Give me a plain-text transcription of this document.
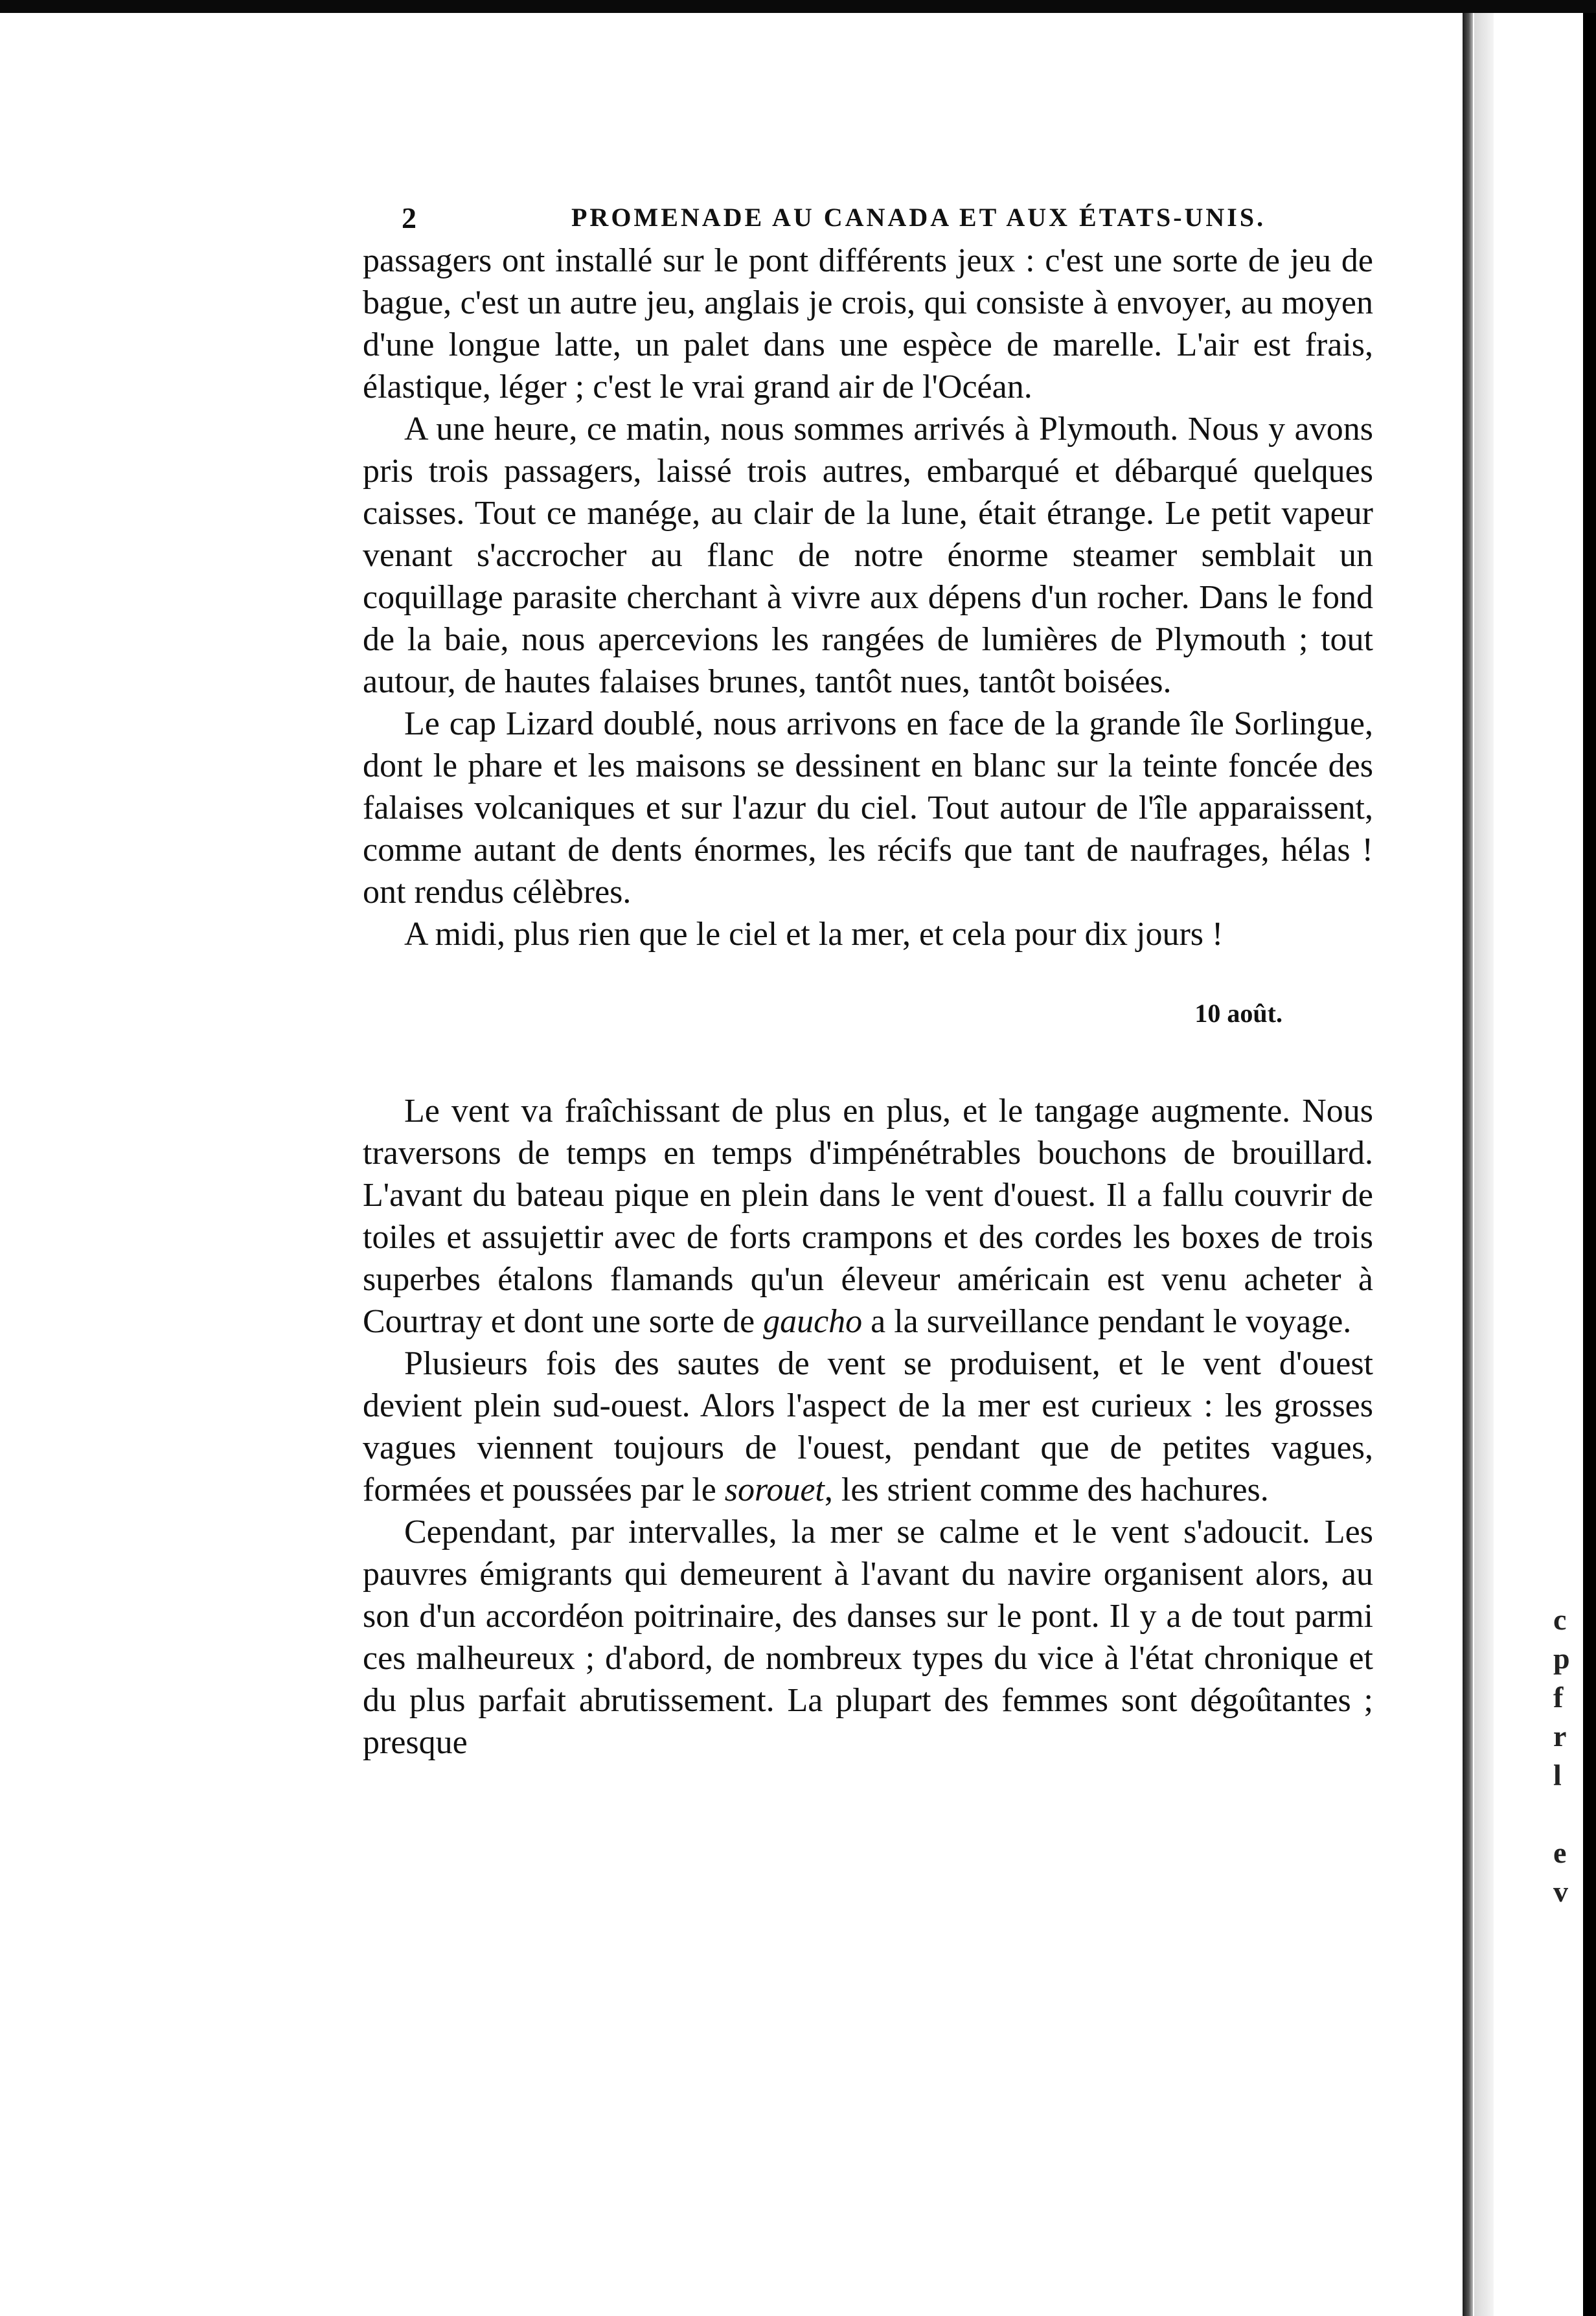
c
p
f
r
l
e
v
2	PROMENADE AU CANADA ET AUX ÉTATS-UNIS.

passagers ont installé sur le pont différents jeux : c'est une sorte de jeu de bague, c'est un autre jeu, anglais je crois, qui consiste à envoyer, au moyen d'une longue latte, un palet dans une espèce de marelle. L'air est frais, élastique, léger ; c'est le vrai grand air de l'Océan.

A une heure, ce matin, nous sommes arrivés à Plymouth. Nous y avons pris trois passagers, laissé trois autres, embarqué et débarqué quelques caisses. Tout ce manége, au clair de la lune, était étrange. Le petit vapeur venant s'accrocher au flanc de notre énorme steamer semblait un coquillage parasite cherchant à vivre aux dépens d'un rocher. Dans le fond de la baie, nous apercevions les rangées de lumières de Plymouth ; tout autour, de hautes falaises brunes, tantôt nues, tantôt boisées.

Le cap Lizard doublé, nous arrivons en face de la grande île Sorlingue, dont le phare et les maisons se dessinent en blanc sur la teinte foncée des falaises volcaniques et sur l'azur du ciel. Tout autour de l'île apparaissent, comme autant de dents énormes, les récifs que tant de naufrages, hélas ! ont rendus célèbres.

A midi, plus rien que le ciel et la mer, et cela pour dix jours !

10 août.

Le vent va fraîchissant de plus en plus, et le tangage augmente. Nous traversons de temps en temps d'impénétrables bouchons de brouillard. L'avant du bateau pique en plein dans le vent d'ouest. Il a fallu couvrir de toiles et assujettir avec de forts crampons et des cordes les boxes de trois superbes étalons flamands qu'un éleveur américain est venu acheter à Courtray et dont une sorte de gaucho a la surveillance pendant le voyage.

Plusieurs fois des sautes de vent se produisent, et le vent d'ouest devient plein sud-ouest. Alors l'aspect de la mer est curieux : les grosses vagues viennent toujours de l'ouest, pendant que de petites vagues, formées et poussées par le sorouet, les strient comme des hachures.

Cependant, par intervalles, la mer se calme et le vent s'adoucit. Les pauvres émigrants qui demeurent à l'avant du navire organisent alors, au son d'un accordéon poitrinaire, des danses sur le pont. Il y a de tout parmi ces malheureux ; d'abord, de nombreux types du vice à l'état chronique et du plus parfait abrutissement. La plupart des femmes sont dégoûtantes ; presque
